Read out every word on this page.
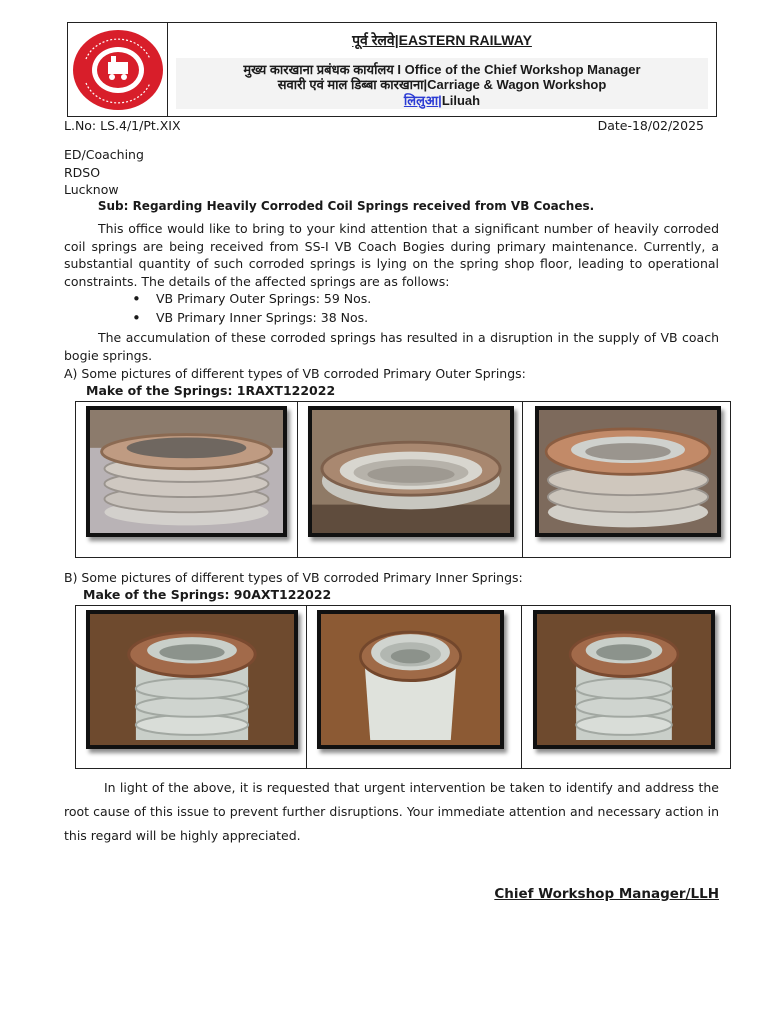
पूर्व रेलवे|EASTERN RAILWAY
मुख्य कारखाना प्रबंधक कार्यालय I Office of the Chief Workshop Manager
सवारी एवं माल डिब्बा कारखाना|Carriage & Wagon Workshop
लिलुआ|Liluah
L.No: LS.4/1/Pt.XIX	Date-18/02/2025
ED/Coaching
RDSO
Lucknow
Sub: Regarding Heavily Corroded Coil Springs received from VB Coaches.
This office would like to bring to your kind attention that a significant number of heavily corroded coil springs are being received from SS-I VB Coach Bogies during primary maintenance. Currently, a substantial quantity of such corroded springs is lying on the spring shop floor, leading to operational constraints. The details of the affected springs are as follows:
• VB Primary Outer Springs: 59 Nos.
• VB Primary Inner Springs: 38 Nos.
The accumulation of these corroded springs has resulted in a disruption in the supply of VB coach bogie springs.
A) Some pictures of different types of VB corroded Primary Outer Springs:
Make of the Springs: 1RAXT122022
B) Some pictures of different types of VB corroded Primary Inner Springs:
Make of the Springs: 90AXT122022
In light of the above, it is requested that urgent intervention be taken to identify and address the root cause of this issue to prevent further disruptions. Your immediate attention and necessary action in this regard will be highly appreciated.
Chief Workshop Manager/LLH
